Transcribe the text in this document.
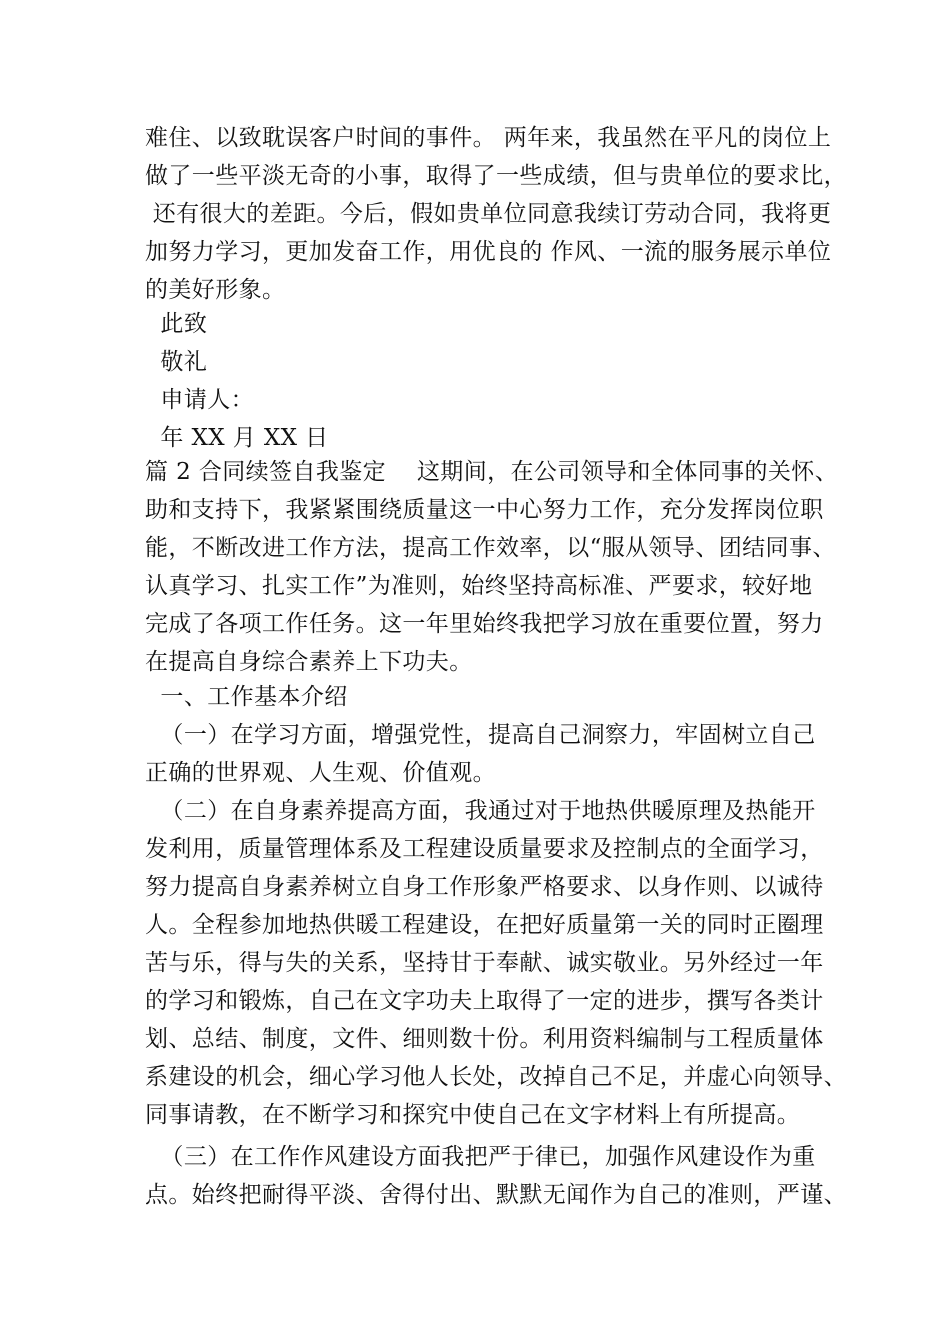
难住、以致耽误客户时间的事件。 两年来，我虽然在平凡的岗位上
做了一些平淡无奇的小事，取得了一些成绩，但与贵单位的要求比，
还有很大的差距。今后，假如贵单位同意我续订劳动合同，我将更
加努力学习，更加发奋工作，用优良的 作风、一流的服务展示单位
的美好形象。
此致
敬礼
申请人：
年 XX 月 XX 日
篇 2 合同续签自我鉴定    这期间，在公司领导和全体同事的关怀、
助和支持下，我紧紧围绕质量这一中心努力工作，充分发挥岗位职
能，不断改进工作方法，提高工作效率，以“服从领导、团结同事、
认真学习、扎实工作”为准则，始终坚持高标准、严要求，较好地
完成了各项工作任务。这一年里始终我把学习放在重要位置，努力
在提高自身综合素养上下功夫。
一、工作基本介绍
（一）在学习方面，增强党性，提高自己洞察力，牢固树立自己
正确的世界观、人生观、价值观。
（二）在自身素养提高方面，我通过对于地热供暖原理及热能开
发利用，质量管理体系及工程建设质量要求及控制点的全面学习，
努力提高自身素养树立自身工作形象严格要求、以身作则、以诚待
人。全程参加地热供暖工程建设，在把好质量第一关的同时正圈理
苦与乐，得与失的关系，坚持甘于奉献、诚实敬业。另外经过一年
的学习和锻炼，自己在文字功夫上取得了一定的进步，撰写各类计
划、总结、制度，文件、细则数十份。利用资料编制与工程质量体
系建设的机会，细心学习他人长处，改掉自己不足，并虚心向领导、
同事请教，在不断学习和探究中使自己在文字材料上有所提高。
（三）在工作作风建设方面我把严于律已，加强作风建设作为重
点。始终把耐得平淡、舍得付出、默默无闻作为自己的准则，严谨、
